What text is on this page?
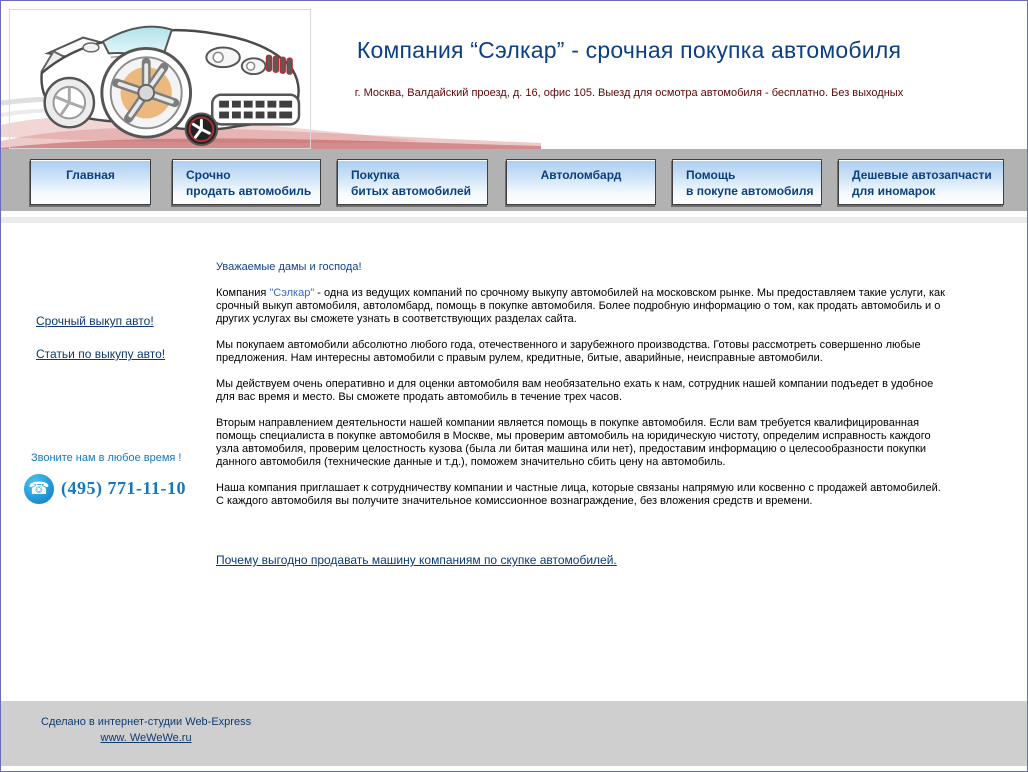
Компания “Сэлкар” - срочная покупка автомобиля
г. Москва, Валдайский проезд, д. 16, офис 105. Выезд для осмотра автомобиля - бесплатно. Без выходных
Главная	Срочно
продать автомобиль
Покупка
битых автомобилей
Автоломбард	Помощь
в покупе автомобиля
Дешевые автозапчасти
для иномарок
Срочный выкуп авто!
Статьи по выкупу авто!
Звоните нам в любое время !
☎ (495) 771-11-10
Уважаемые дамы и господа!

Компания "Сэлкар" - одна из ведущих компаний по срочному выкупу автомобилей на московском рынке. Мы предоставляем такие услуги, как срочный выкуп автомобиля, автоломбард, помощь в покупке автомобиля. Более подробную информацию о том, как продать автомобиль и о других услугах вы сможете узнать в соответствующих разделах сайта.

Мы покупаем автомобили абсолютно любого года, отечественного и зарубежного производства. Готовы рассмотреть совершенно любые предложения. Нам интересны автомобили с правым рулем, кредитные, битые, аварийные, неисправные автомобили.

Мы действуем очень оперативно и для оценки автомобиля вам необязательно ехать к нам, сотрудник нашей компании подъедет в удобное для вас время и место. Вы сможете продать автомобиль в течение трех часов.

Вторым направлением деятельности нашей компании является помощь в покупке автомобиля. Если вам требуется квалифицированная помощь специалиста в покупке автомобиля в Москве, мы проверим автомобиль на юридическую чистоту, определим исправность каждого узла автомобиля, проверим целостность кузова (была ли битая машина или нет), предоставим информацию о целесообразности покупки данного автомобиля (технические данные и т.д.), поможем значительно сбить цену на автомобиль.

Наша компания приглашает к сотрудничеству компании и частные лица, которые связаны напрямую или косвенно с продажей автомобилей. С каждого автомобиля вы получите значительное комиссионное вознаграждение, без вложения средств и времени.

Почему выгодно продавать машину компаниям по скупке автомобилей.
Сделано в интернет-студии Web-Express
www. WeWeWe.ru
